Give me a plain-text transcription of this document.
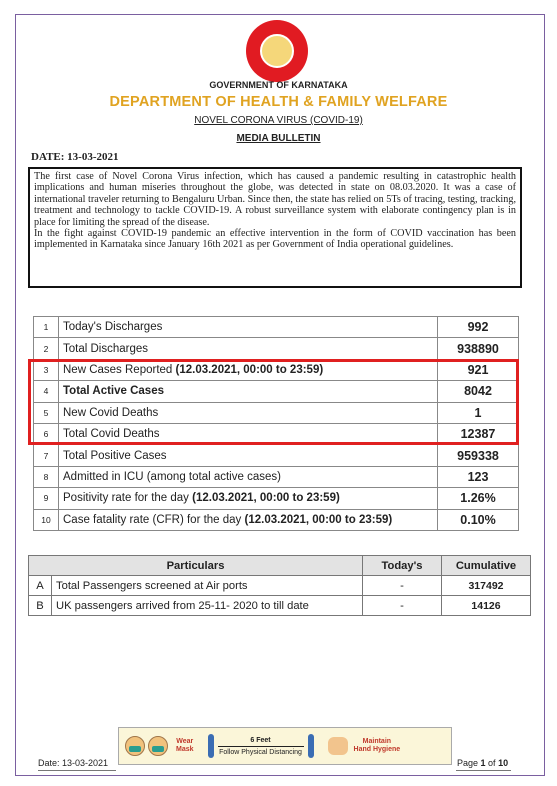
GOVERNMENT OF KARNATAKA
DEPARTMENT OF HEALTH & FAMILY WELFARE
NOVEL CORONA VIRUS (COVID-19)
MEDIA BULLETIN
DATE: 13-03-2021

The first case of Novel Corona Virus infection, which has caused a pandemic resulting in catastrophic health implications and human miseries throughout the globe, was detected in state on 08.03.2020. It was a case of international traveler returning to Bengaluru Urban. Since then, the state has relied on 5Ts of tracing, testing, tracking, treatment and technology to tackle COVID-19. A robust surveillance system with elaborate contingency plan is in place for limiting the spread of the disease.

In the fight against COVID-19 pandemic an effective intervention in the form of COVID vaccination has been implemented in Karnataka since January 16th 2021 as per Government of India operational guidelines.

1	Today's Discharges	992
2	Total Discharges	938890
3	New Cases Reported (12.03.2021, 00:00 to 23:59)	921
4	Total Active Cases	8042
5	New Covid Deaths	1
6	Total Covid Deaths	12387
7	Total Positive Cases	959338
8	Admitted in ICU (among total active cases)	123
9	Positivity rate for the day (12.03.2021, 00:00 to 23:59)	1.26%
10	Case fatality rate (CFR) for the day (12.03.2021, 00:00 to 23:59)	0.10%
Particulars		Today's	Cumulative
A	Total Passengers screened at Air ports	-	317492
B	UK passengers arrived from 25-11- 2020 to till date	-	14126
Wear
Mask
6 Feet
Follow Physical Distancing
Maintain
Hand Hygiene
Date: 13-03-2021	Page 1 of 10
